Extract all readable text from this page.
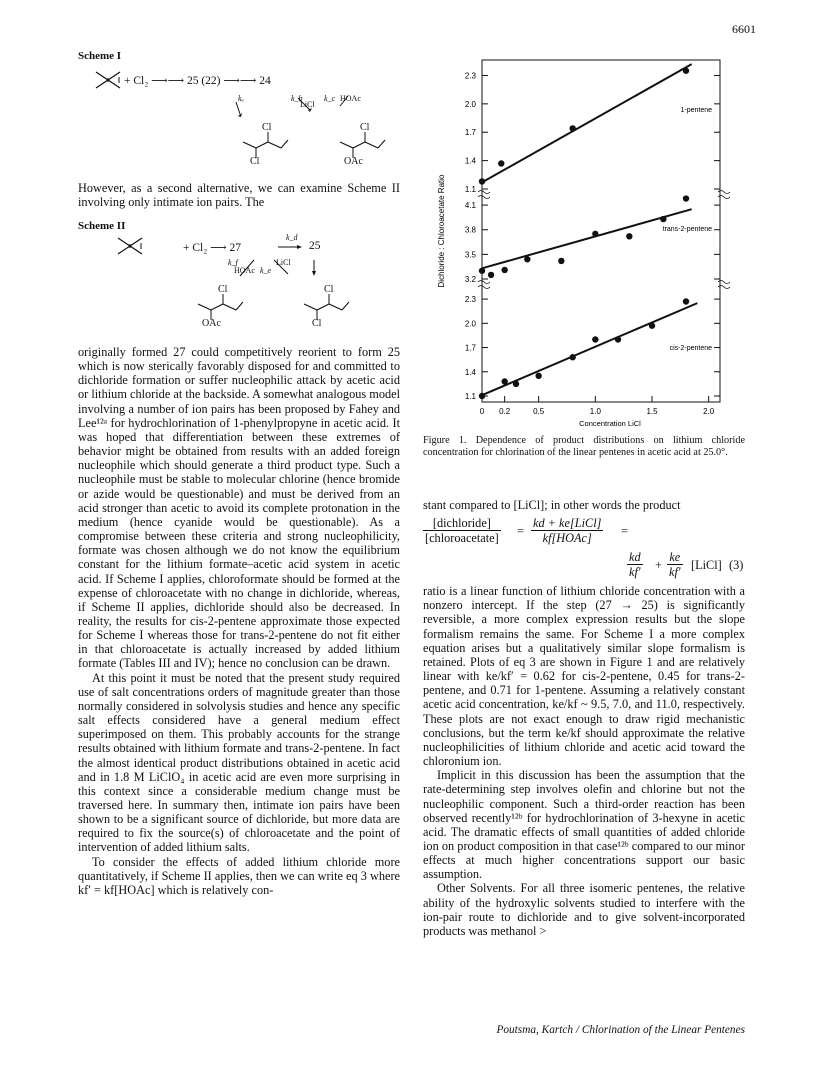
6601
Scheme I
+ Cl₂ ⟶⟶ 25 (22) ⟶⟶ 24
kₐ	k_b
LiCl
k_c HOAc
Cl
Cl
Cl
OAc
However, as a second alternative, we can examine Scheme II involving only intimate ion pairs. The
Scheme II
+ Cl₂ ⟶ 27
k_d
25
k_f
HOAc k_e
LiCl
Cl
OAc
Cl
Cl

originally formed 27 could competitively reorient to form 25 which is now sterically favorably disposed for and committed to dichloride formation or suffer nucleophilic attack by acetic acid or lithium chloride at the backside. A somewhat analogous model involving a number of ion pairs has been proposed by Fahey and Lee¹²ᵃ for hydrochlorination of 1-phenylpropyne in acetic acid. It was hoped that differentiation between these extremes of behavior might be obtained from results with an added foreign nucleophile which should generate a third product type. Such a nucleophile must be stable to molecular chlorine (hence bromide or azide would be questionable) and must be derived from an acid stronger than acetic to avoid its complete protonation in the medium (hence cyanide would be questionable). As a compromise between these criteria and strong nucleophilicity, formate was chosen although we do not know the equilibrium constant for the lithium formate–acetic acid system in acetic acid. If Scheme I applies, chloroformate should be formed at the expense of chloroacetate with no change in dichloride, whereas, if Scheme II applies, dichloride should also be decreased. In reality, the results for cis-2-pentene approximate those expected for Scheme I whereas those for trans-2-pentene do not fit either in that chloroacetate is actually increased by added lithium formate (Tables III and IV); hence no conclusion can be drawn.

At this point it must be noted that the present study required use of salt concentrations orders of magnitude greater than those normally considered in solvolysis studies and hence any specific salt effects considered have a general medium effect superimposed on them. This probably accounts for the strange results obtained with lithium formate and trans-2-pentene. In fact the almost identical product distributions obtained in acetic acid and in 1.8 M LiClO₄ in acetic acid are even more surprising in this context since a considerable medium change must be traversed here. In summary then, intimate ion pairs have been shown to be a significant source of dichloride, but more data are required to fix the source(s) of chloroacetate and the point of intervention of added lithium salts.

To consider the effects of added lithium chloride more quantitatively, if Scheme II applies, then we can write eq 3 where kf′ = kf[HOAc] which is relatively con-

2.3
2.0
1.7
1.4
1.1
1-pentene
4.1
3.8
3.5
3.2
trans-2-pentene
2.3
2.0
1.7
1.4
1.1
cis-2-pentene
0 0.2	0.5	1.0	1.5	2.0
Concentration LiCl
Dichloride : Chloroacetate Ratio
Figure 1. Dependence of product distributions on lithium chloride concentration for chlorination of the linear pentenes in acetic acid at 25.0°.

stant compared to [LiCl]; in other words the product

[dichloride]
[chloroacetate]
=
kd + ke[LiCl]
kf[HOAc]
=
$\frac{kd}{kf'} + \frac{ke}{kf'}$ [LiCl] (3)

ratio is a linear function of lithium chloride concentration with a nonzero intercept. If the step (27 → 25) is significantly reversible, a more complex expression results but the slope formalism remains the same. For Scheme I a more complex equation arises but a qualitatively similar slope formalism is retained. Plots of eq 3 are shown in Figure 1 and are relatively linear with ke/kf′ = 0.62 for cis-2-pentene, 0.45 for trans-2-pentene, and 0.71 for 1-pentene. Assuming a relatively constant acetic acid concentration, ke/kf ~ 9.5, 7.0, and 11.0, respectively. These plots are not exact enough to draw rigid mechanistic conclusions, but the term ke/kf should approximate the relative nucleophilicities of lithium chloride and acetic acid toward the chloronium ion.

Implicit in this discussion has been the assumption that the rate-determining step involves olefin and chlorine but not the nucleophilic component. Such a third-order reaction has been observed recently¹²ᵇ for hydrochlorination of 3-hexyne in acetic acid. The dramatic effects of small quantities of added chloride ion on product composition in that case¹²ᵇ compared to our minor effects at much higher concentrations support our basic assumption.

Other Solvents. For all three isomeric pentenes, the relative ability of the hydroxylic solvents studied to interfere with the ion-pair route to dichloride and to give solvent-incorporated products was methanol >

Poutsma, Kartch / Chlorination of the Linear Pentenes
